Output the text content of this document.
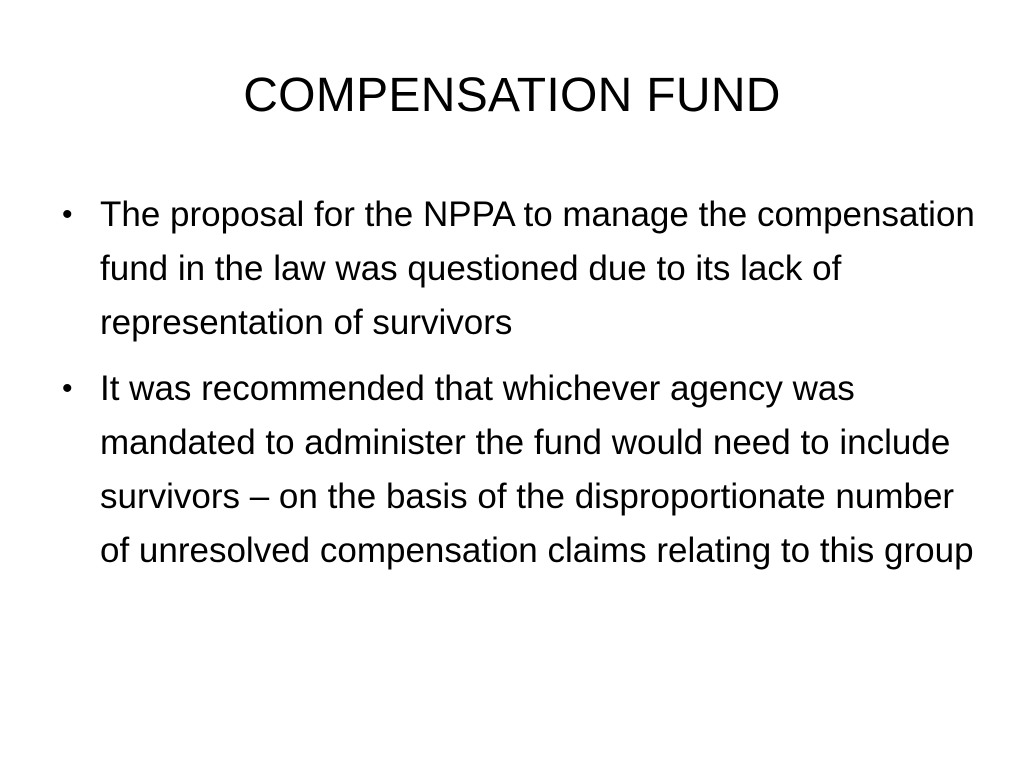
COMPENSATION FUND
• The proposal for the NPPA to manage the compensation fund in the law was questioned due to its lack of representation of survivors
• It was recommended that whichever agency was mandated to administer the fund would need to include survivors – on the basis of the disproportionate number of unresolved compensation claims relating to this group
